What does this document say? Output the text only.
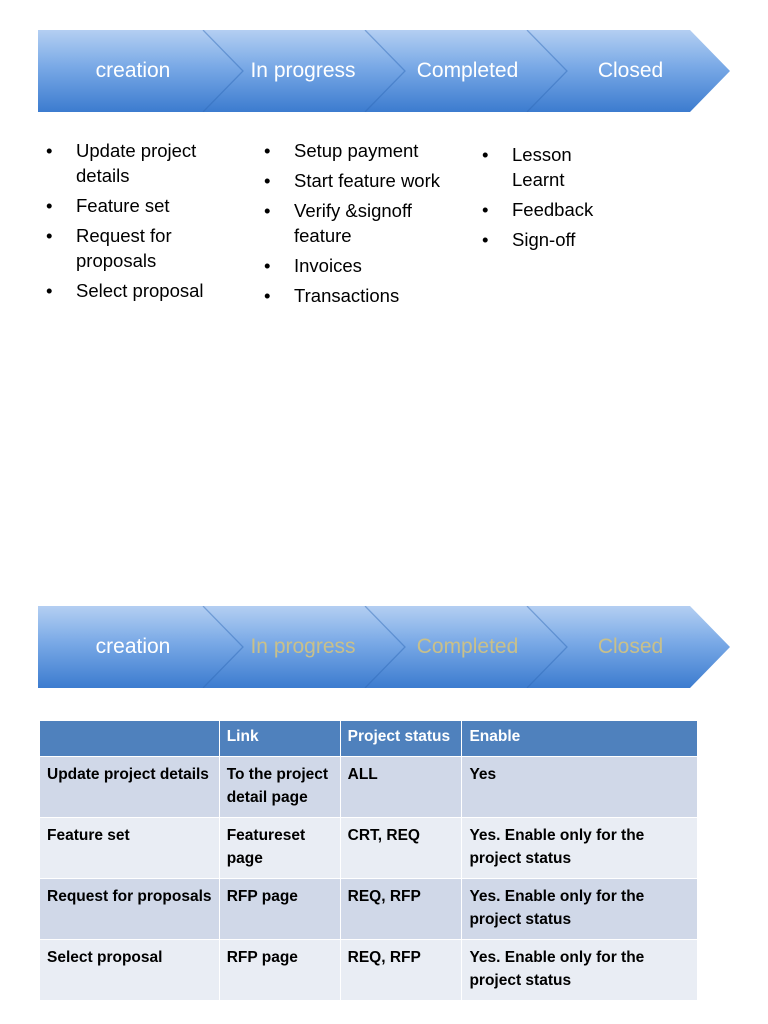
creation	In progress	Completed	Closed
• Update project details
• Feature set
• Request for proposals
• Select proposal
• Setup payment
• Start feature work
• Verify &signoff feature
• Invoices
• Transactions
• Lesson Learnt
• Feedback
• Sign-off
creation	In progress	Completed	Closed
	Link	Project status	Enable
Update project details	To the project detail page	ALL	Yes
Feature set	Featureset page	CRT, REQ	Yes. Enable only for the project status
Request for proposals	RFP page	REQ, RFP	Yes. Enable only for the project status
Select proposal	RFP page	REQ, RFP	Yes. Enable only for the project status
